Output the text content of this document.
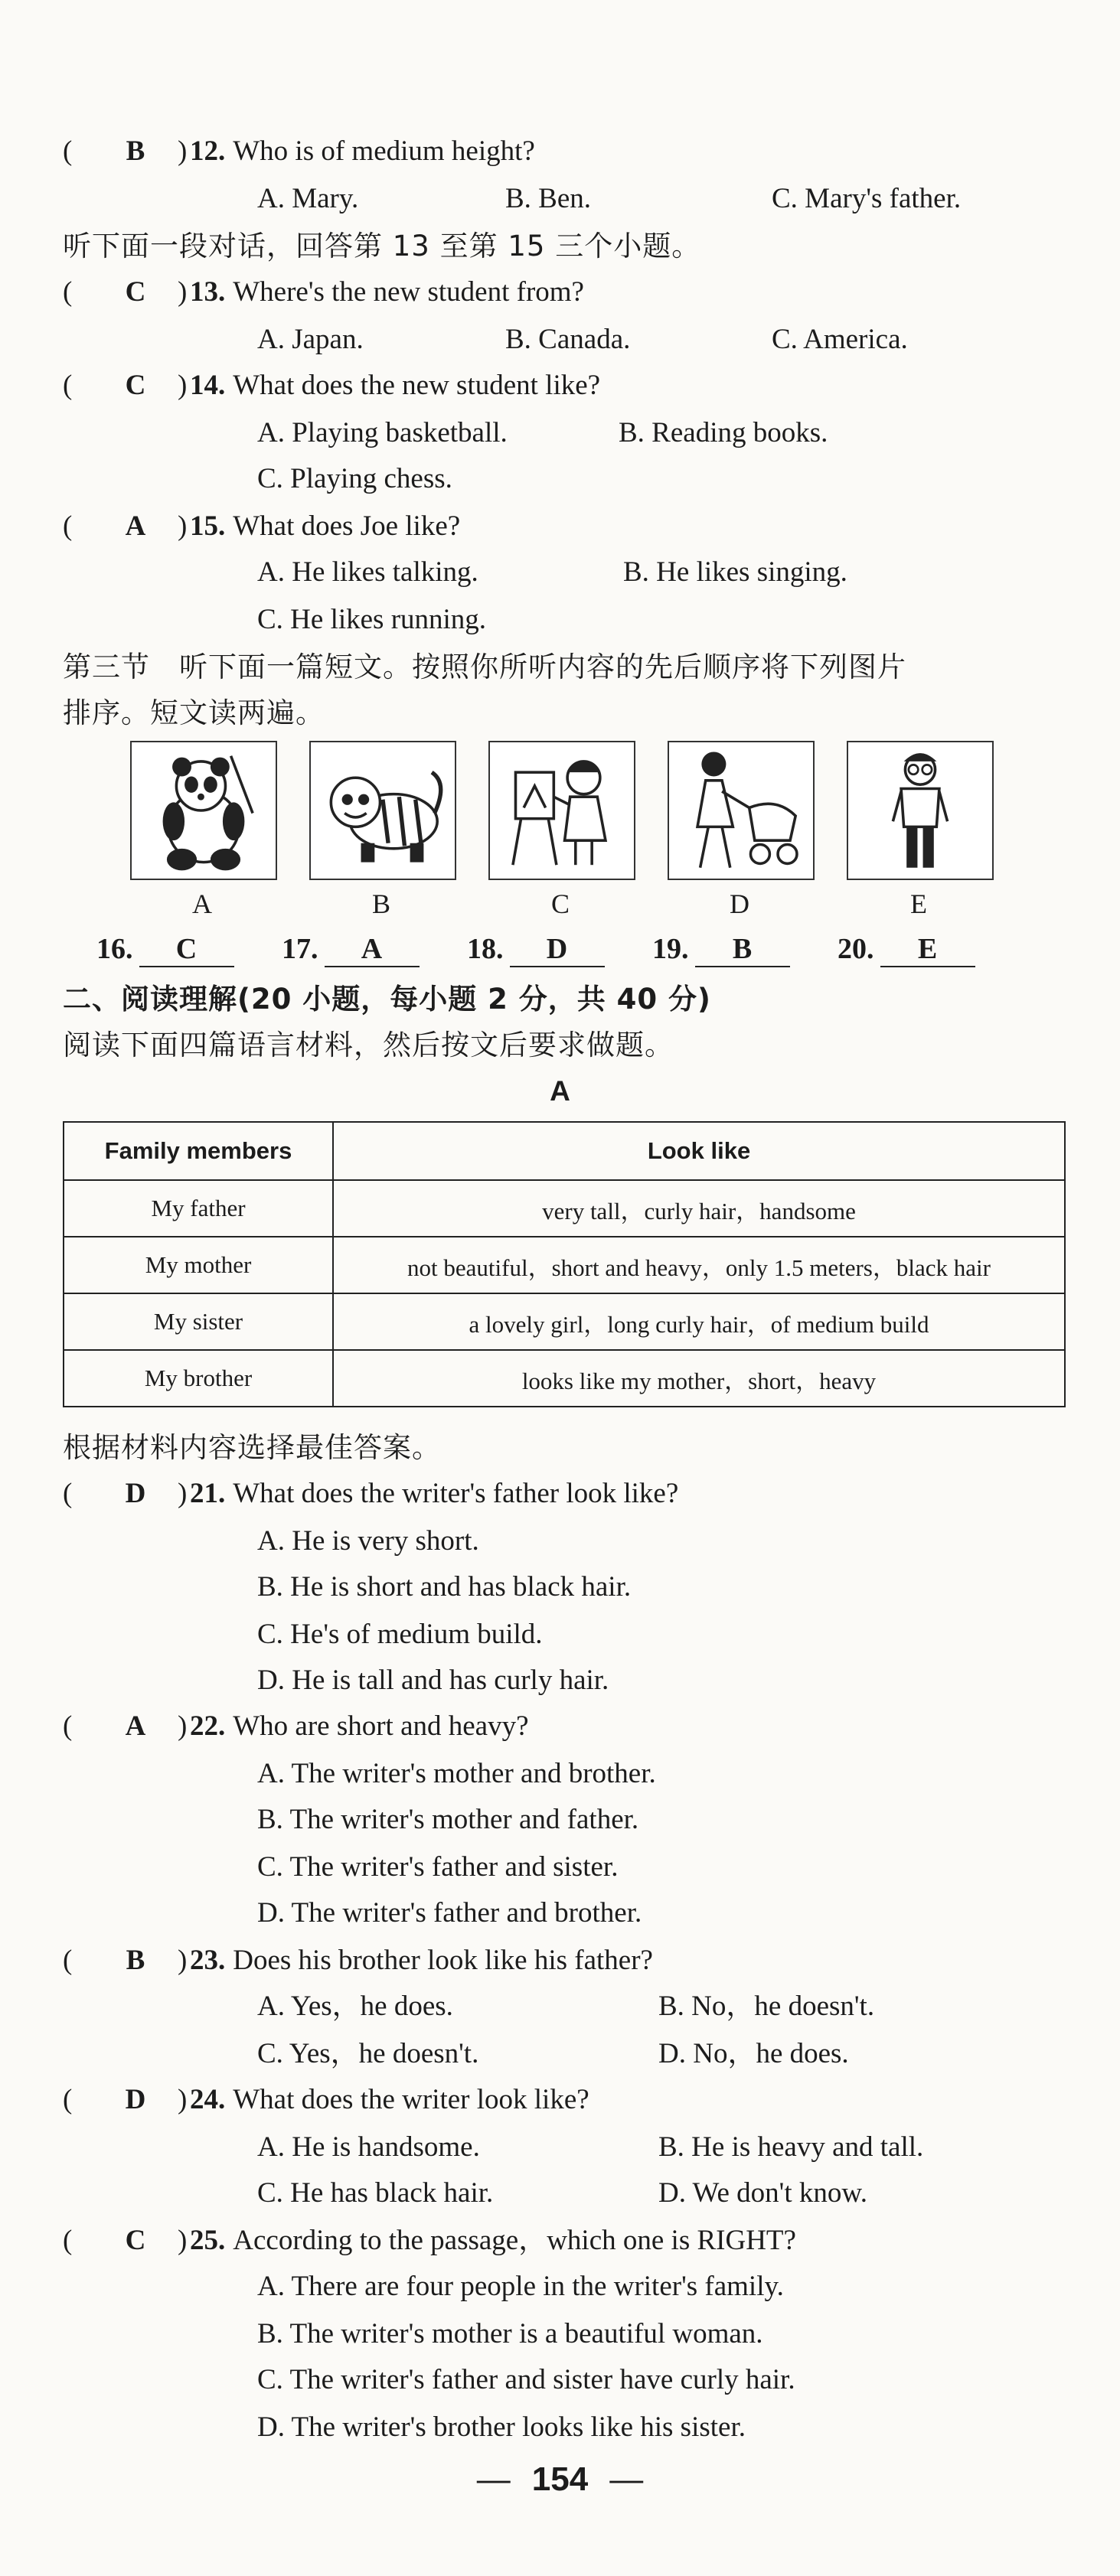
(	B	) 12. Who is of medium height?
A. Mary.	B. Ben.	C. Mary's father.
听下面一段对话，回答第 13 至第 15 三个小题。
(	C	) 13. Where's the new student from?
A. Japan.	B. Canada.	C. America.
(	C	) 14. What does the new student like?
A. Playing basketball.	B. Reading books.
C. Playing chess.
(	A	) 15. What does Joe like?
A. He likes talking.	B. He likes singing.
C. He likes running.
第三节　听下面一篇短文。按照你所听内容的先后顺序将下列图片
排序。短文读两遍。
A	B	C	D	E
16.	C	17.	A	18.	D	19.	B	20.	E
二、阅读理解(20 小题，每小题 2 分，共 40 分)
阅读下面四篇语言材料，然后按文后要求做题。
A
Family members	Look like
My father	very tall，curly hair，handsome
My mother	not beautiful，short and heavy，only 1.5 meters，black hair
My sister	a lovely girl，long curly hair，of medium build
My brother	looks like my mother，short，heavy
根据材料内容选择最佳答案。
(	D	) 21. What does the writer's father look like?
A. He is very short.
B. He is short and has black hair.
C. He's of medium build.
D. He is tall and has curly hair.
(	A	) 22. Who are short and heavy?
A. The writer's mother and brother.
B. The writer's mother and father.
C. The writer's father and sister.
D. The writer's father and brother.
(	B	) 23. Does his brother look like his father?
A. Yes，he does.	B. No，he doesn't.
C. Yes，he doesn't.	D. No，he does.
(	D	) 24. What does the writer look like?
A. He is handsome.	B. He is heavy and tall.
C. He has black hair.	D. We don't know.
(	C	) 25. According to the passage，which one is RIGHT?
A. There are four people in the writer's family.
B. The writer's mother is a beautiful woman.
C. The writer's father and sister have curly hair.
D. The writer's brother looks like his sister.
— 154 —
